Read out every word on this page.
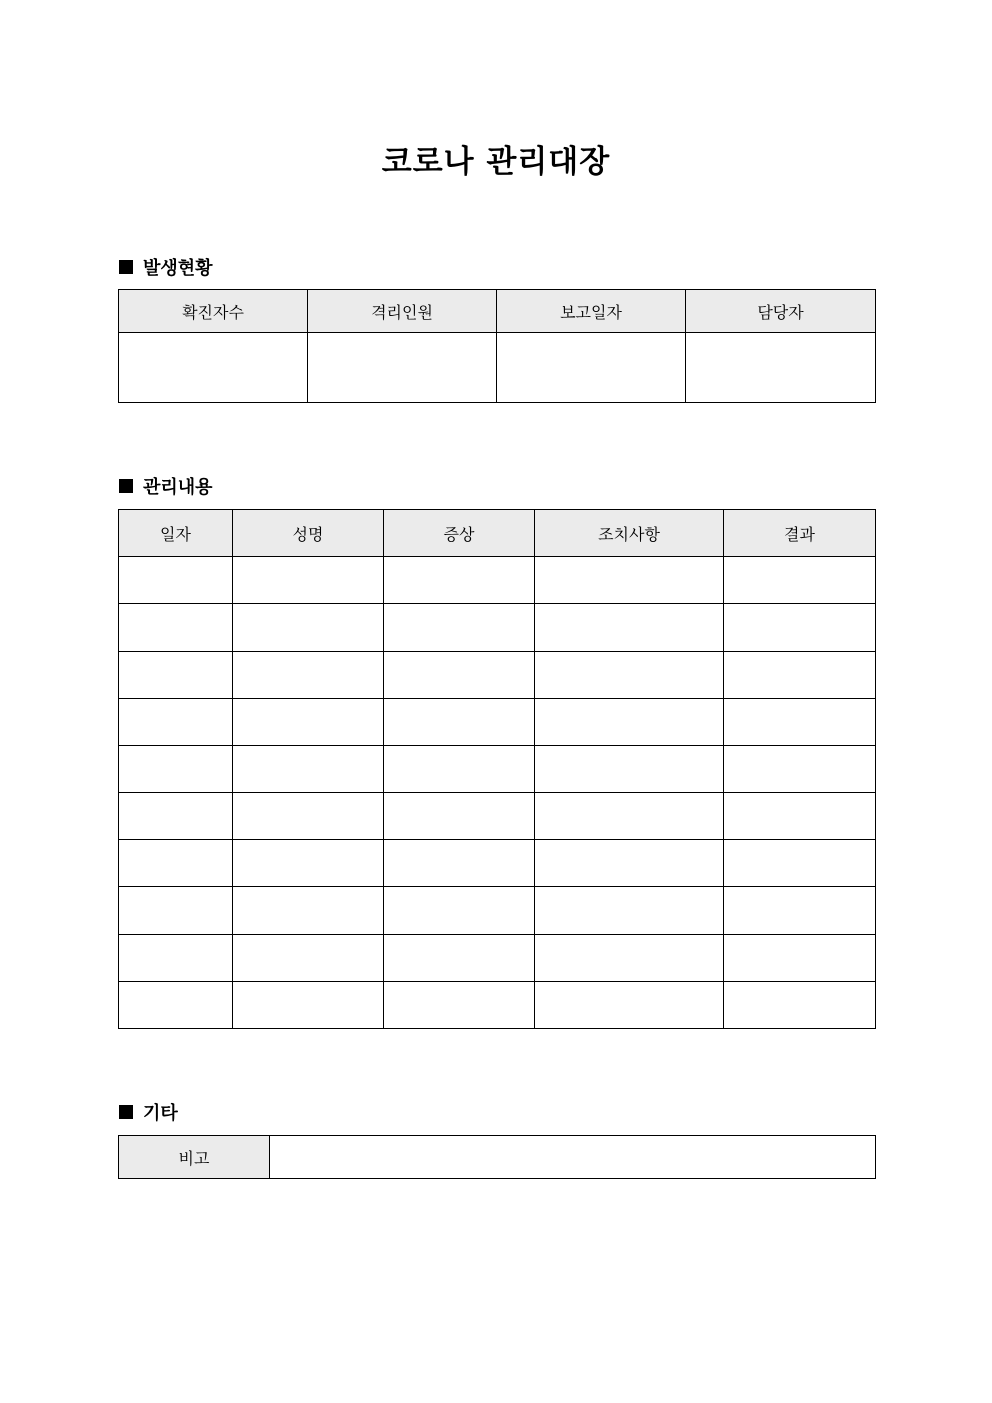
코로나 관리대장
발생현황
확진자수	격리인원	보고일자	담당자

관리내용
일자	성명	증상	조치사항	결과

기타
비고	
